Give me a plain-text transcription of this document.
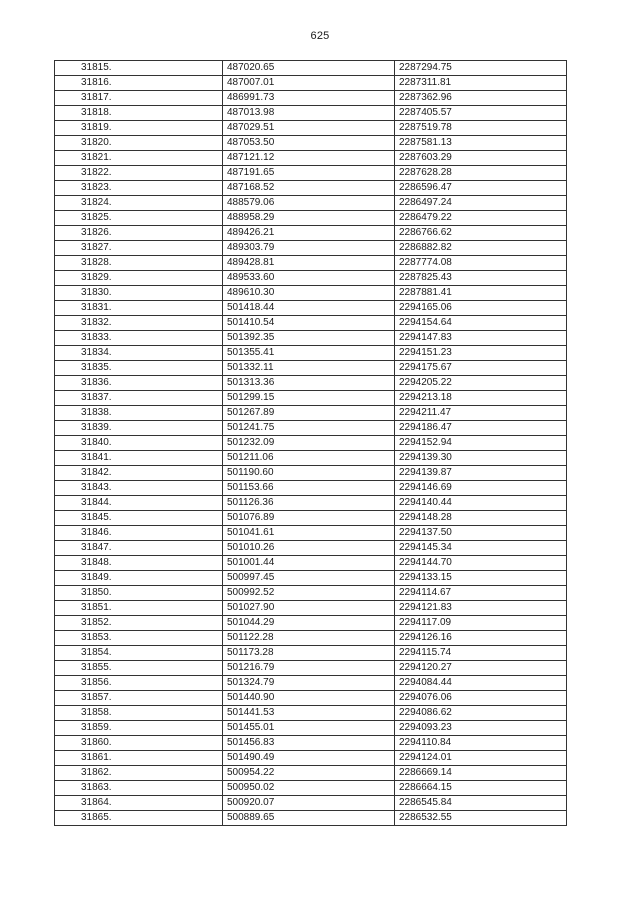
625
31815.	487020.65	2287294.75
31816.	487007.01	2287311.81
31817.	486991.73	2287362.96
31818.	487013.98	2287405.57
31819.	487029.51	2287519.78
31820.	487053.50	2287581.13
31821.	487121.12	2287603.29
31822.	487191.65	2287628.28
31823.	487168.52	2286596.47
31824.	488579.06	2286497.24
31825.	488958.29	2286479.22
31826.	489426.21	2286766.62
31827.	489303.79	2286882.82
31828.	489428.81	2287774.08
31829.	489533.60	2287825.43
31830.	489610.30	2287881.41
31831.	501418.44	2294165.06
31832.	501410.54	2294154.64
31833.	501392.35	2294147.83
31834.	501355.41	2294151.23
31835.	501332.11	2294175.67
31836.	501313.36	2294205.22
31837.	501299.15	2294213.18
31838.	501267.89	2294211.47
31839.	501241.75	2294186.47
31840.	501232.09	2294152.94
31841.	501211.06	2294139.30
31842.	501190.60	2294139.87
31843.	501153.66	2294146.69
31844.	501126.36	2294140.44
31845.	501076.89	2294148.28
31846.	501041.61	2294137.50
31847.	501010.26	2294145.34
31848.	501001.44	2294144.70
31849.	500997.45	2294133.15
31850.	500992.52	2294114.67
31851.	501027.90	2294121.83
31852.	501044.29	2294117.09
31853.	501122.28	2294126.16
31854.	501173.28	2294115.74
31855.	501216.79	2294120.27
31856.	501324.79	2294084.44
31857.	501440.90	2294076.06
31858.	501441.53	2294086.62
31859.	501455.01	2294093.23
31860.	501456.83	2294110.84
31861.	501490.49	2294124.01
31862.	500954.22	2286669.14
31863.	500950.02	2286664.15
31864.	500920.07	2286545.84
31865.	500889.65	2286532.55
